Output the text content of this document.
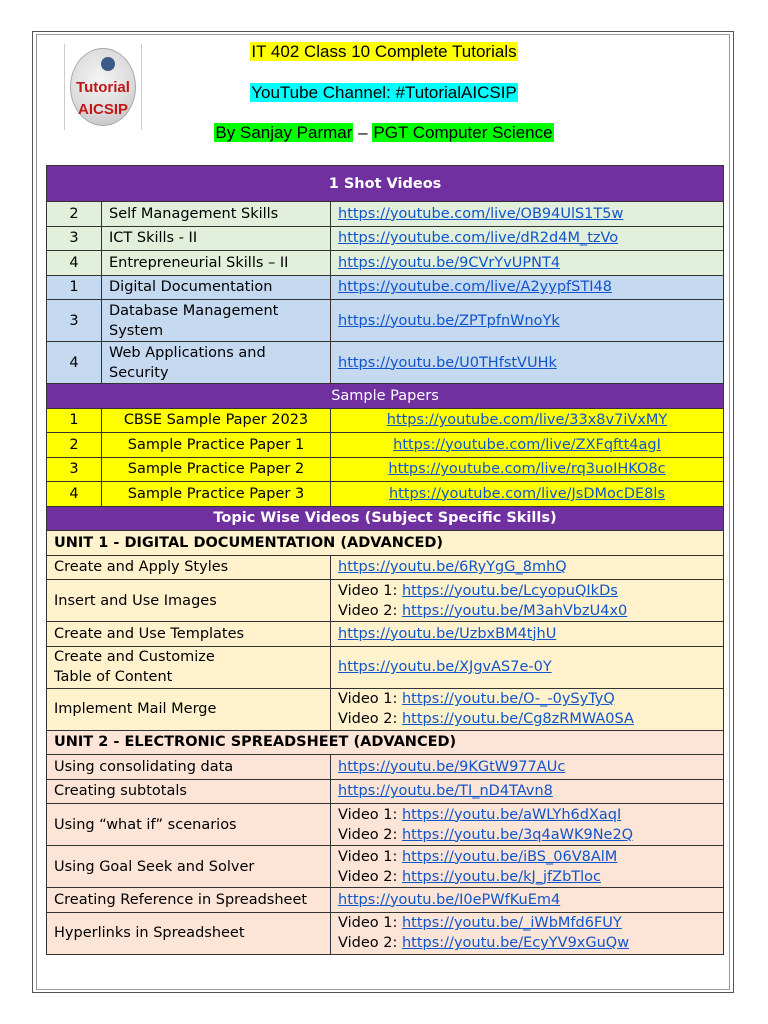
Tutorial
AICSIP
IT 402 Class 10 Complete Tutorials
YouTube Channel: #TutorialAICSIP
By Sanjay Parmar – PGT Computer Science
1 Shot Videos		
2	Self Management Skills	https://youtube.com/live/OB94UlS1T5w
3	ICT Skills - II	https://youtube.com/live/dR2d4M_tzVo
4	Entrepreneurial Skills – II	https://youtu.be/9CVrYvUPNT4
1	Digital Documentation	https://youtube.com/live/A2yypfSTI48
3	Database Management System	https://youtu.be/ZPTpfnWnoYk
4	Web Applications and Security	https://youtu.be/U0THfstVUHk
Sample Papers		
1	CBSE Sample Paper 2023	https://youtube.com/live/33x8v7iVxMY
2	Sample Practice Paper 1	https://youtube.com/live/ZXFqftt4agI
3	Sample Practice Paper 2	https://youtube.com/live/rq3uoIHKO8c
4	Sample Practice Paper 3	https://youtube.com/live/JsDMocDE8ls
Topic Wise Videos (Subject Specific Skills)		
UNIT 1 - DIGITAL DOCUMENTATION (ADVANCED)		
Create and Apply Styles		https://youtu.be/6RyYgG_8mhQ
Insert and Use Images		Video 1: https://youtu.be/LcyopuQIkDs
Video 2: https://youtu.be/M3ahVbzU4x0
Create and Use Templates		https://youtu.be/UzbxBM4tjhU
Create and Customize Table of Content		https://youtu.be/XJgvAS7e-0Y
Implement Mail Merge		Video 1: https://youtu.be/O-_-0ySyTyQ
Video 2: https://youtu.be/Cg8zRMWA0SA
UNIT 2 - ELECTRONIC SPREADSHEET (ADVANCED)		
Using consolidating data		https://youtu.be/9KGtW977AUc
Creating subtotals		https://youtu.be/TI_nD4TAvn8
Using “what if” scenarios		Video 1: https://youtu.be/aWLYh6dXaqI
Video 2: https://youtu.be/3q4aWK9Ne2Q
Using Goal Seek and Solver		Video 1: https://youtu.be/iBS_06V8AlM
Video 2: https://youtu.be/kJ_jfZbTloc
Creating Reference in Spreadsheet		https://youtu.be/I0ePWfKuEm4
Hyperlinks in Spreadsheet		Video 1: https://youtu.be/_iWbMfd6FUY
Video 2: https://youtu.be/EcyYV9xGuQw
